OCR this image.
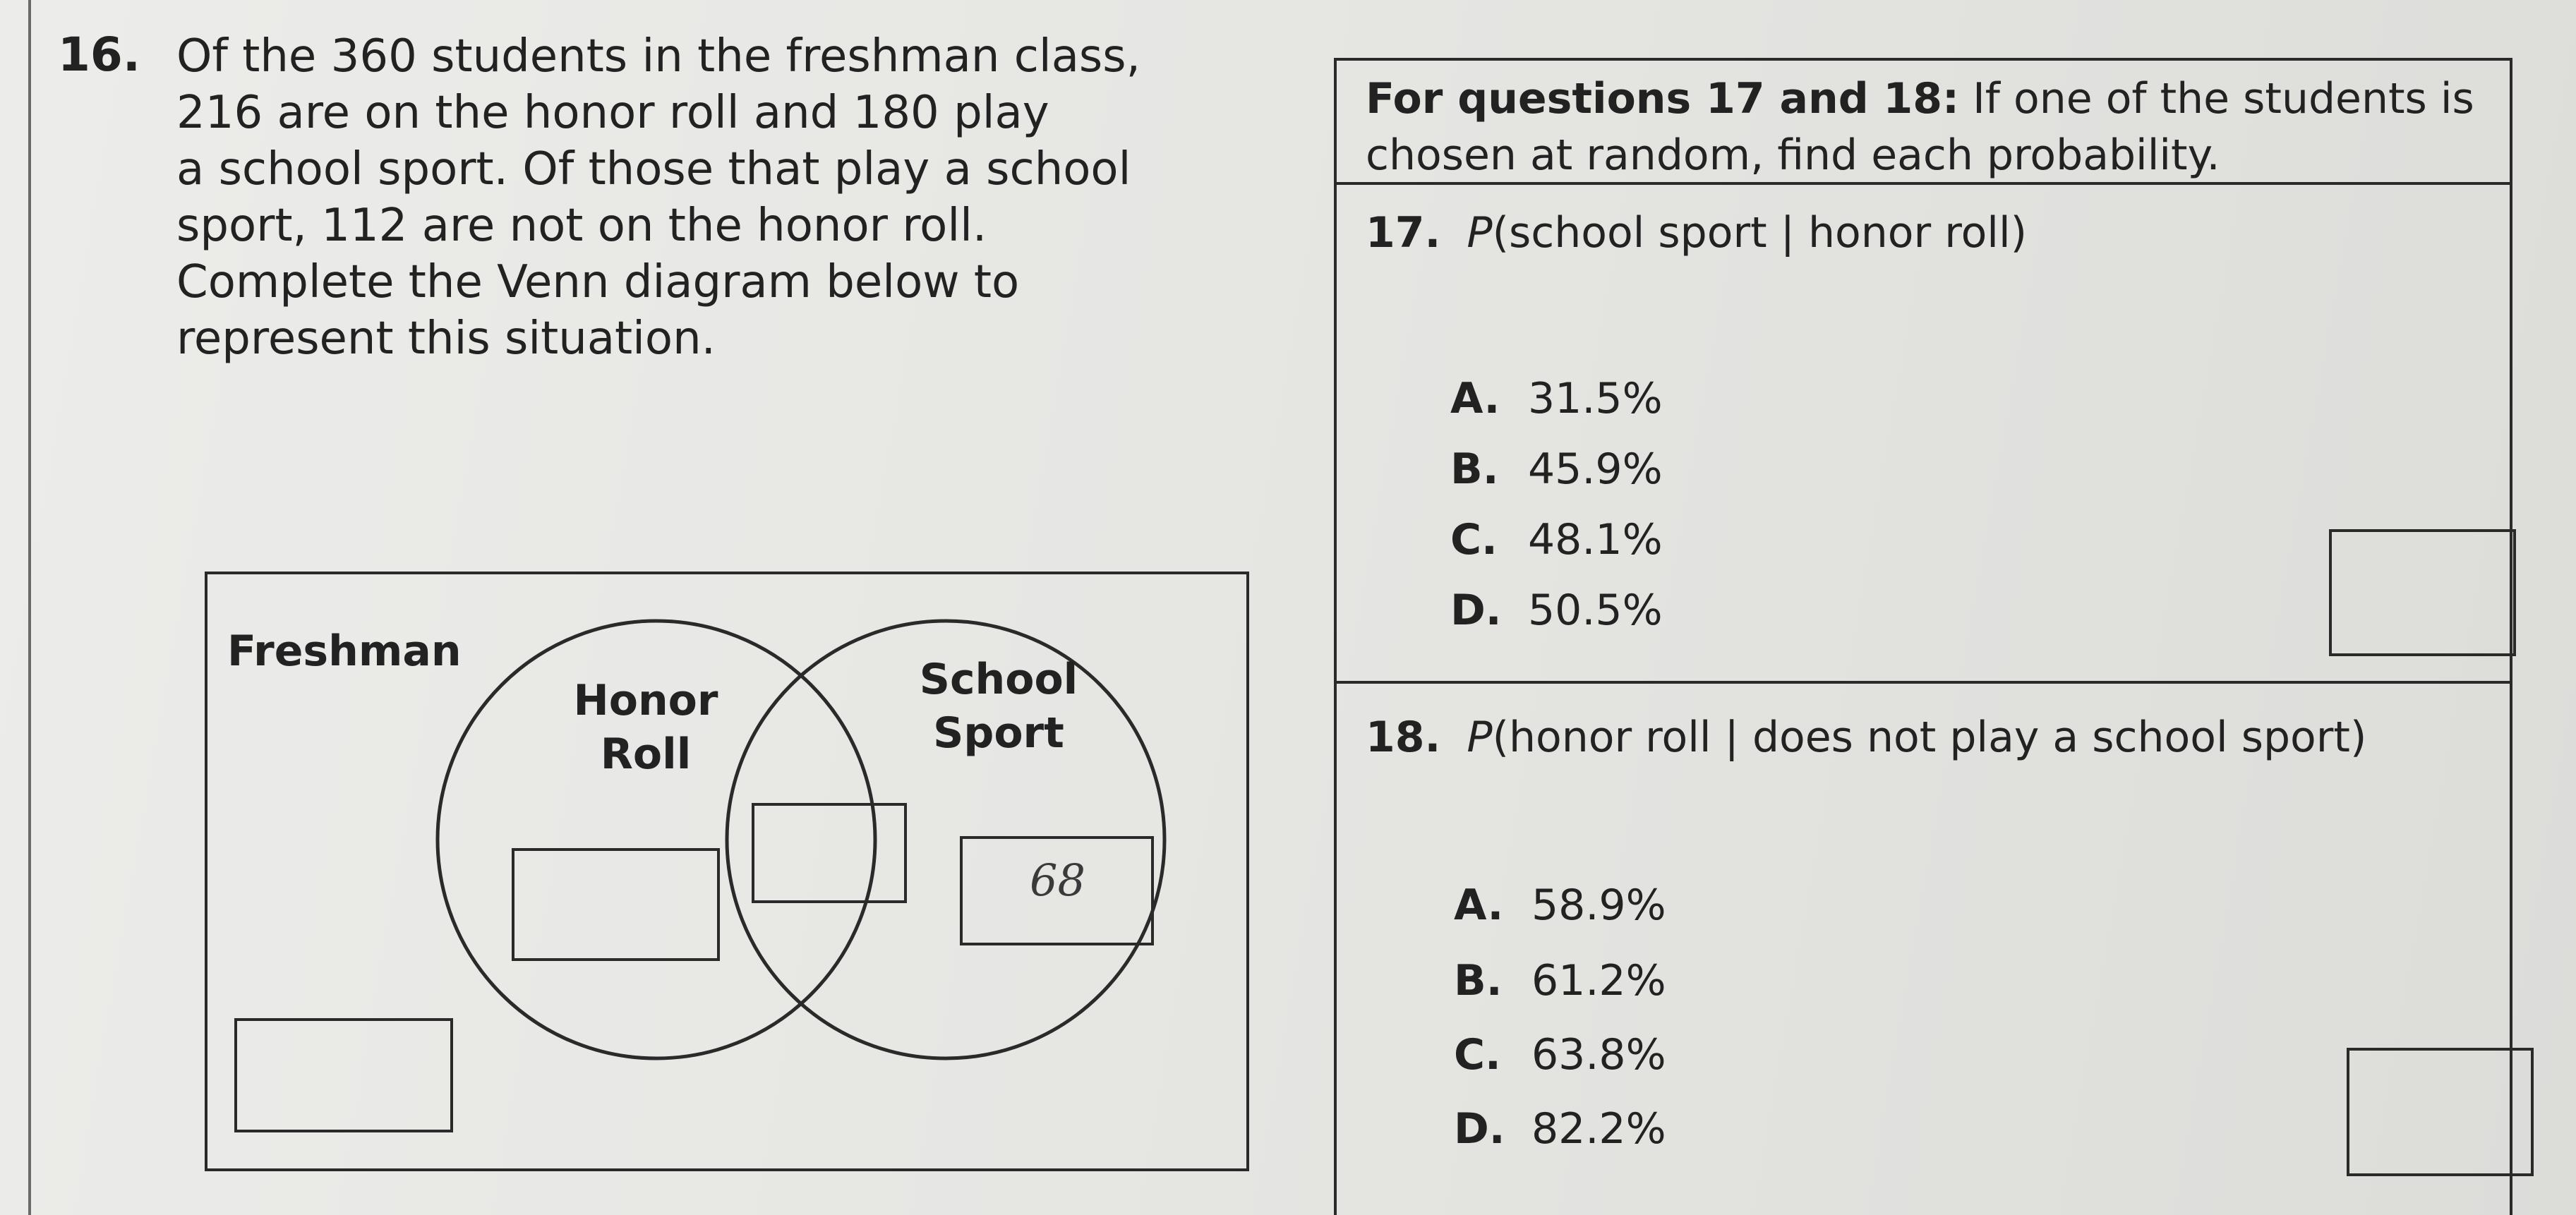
16. Of the 360 students in the freshman class,
216 are on the honor roll and 180 play
a school sport. Of those that play a school
sport, 112 are not on the honor roll.
Complete the Venn diagram below to
represent this situation.
Freshman
Honor
Roll
School
Sport
68
For questions 17 and 18: If one of the students is
chosen at random, find each probability.
17. P(school sport | honor roll)
A. 31.5%
B. 45.9%
C. 48.1%
D. 50.5%
18. P(honor roll | does not play a school sport)
A. 58.9%
B. 61.2%
C. 63.8%
D. 82.2%
